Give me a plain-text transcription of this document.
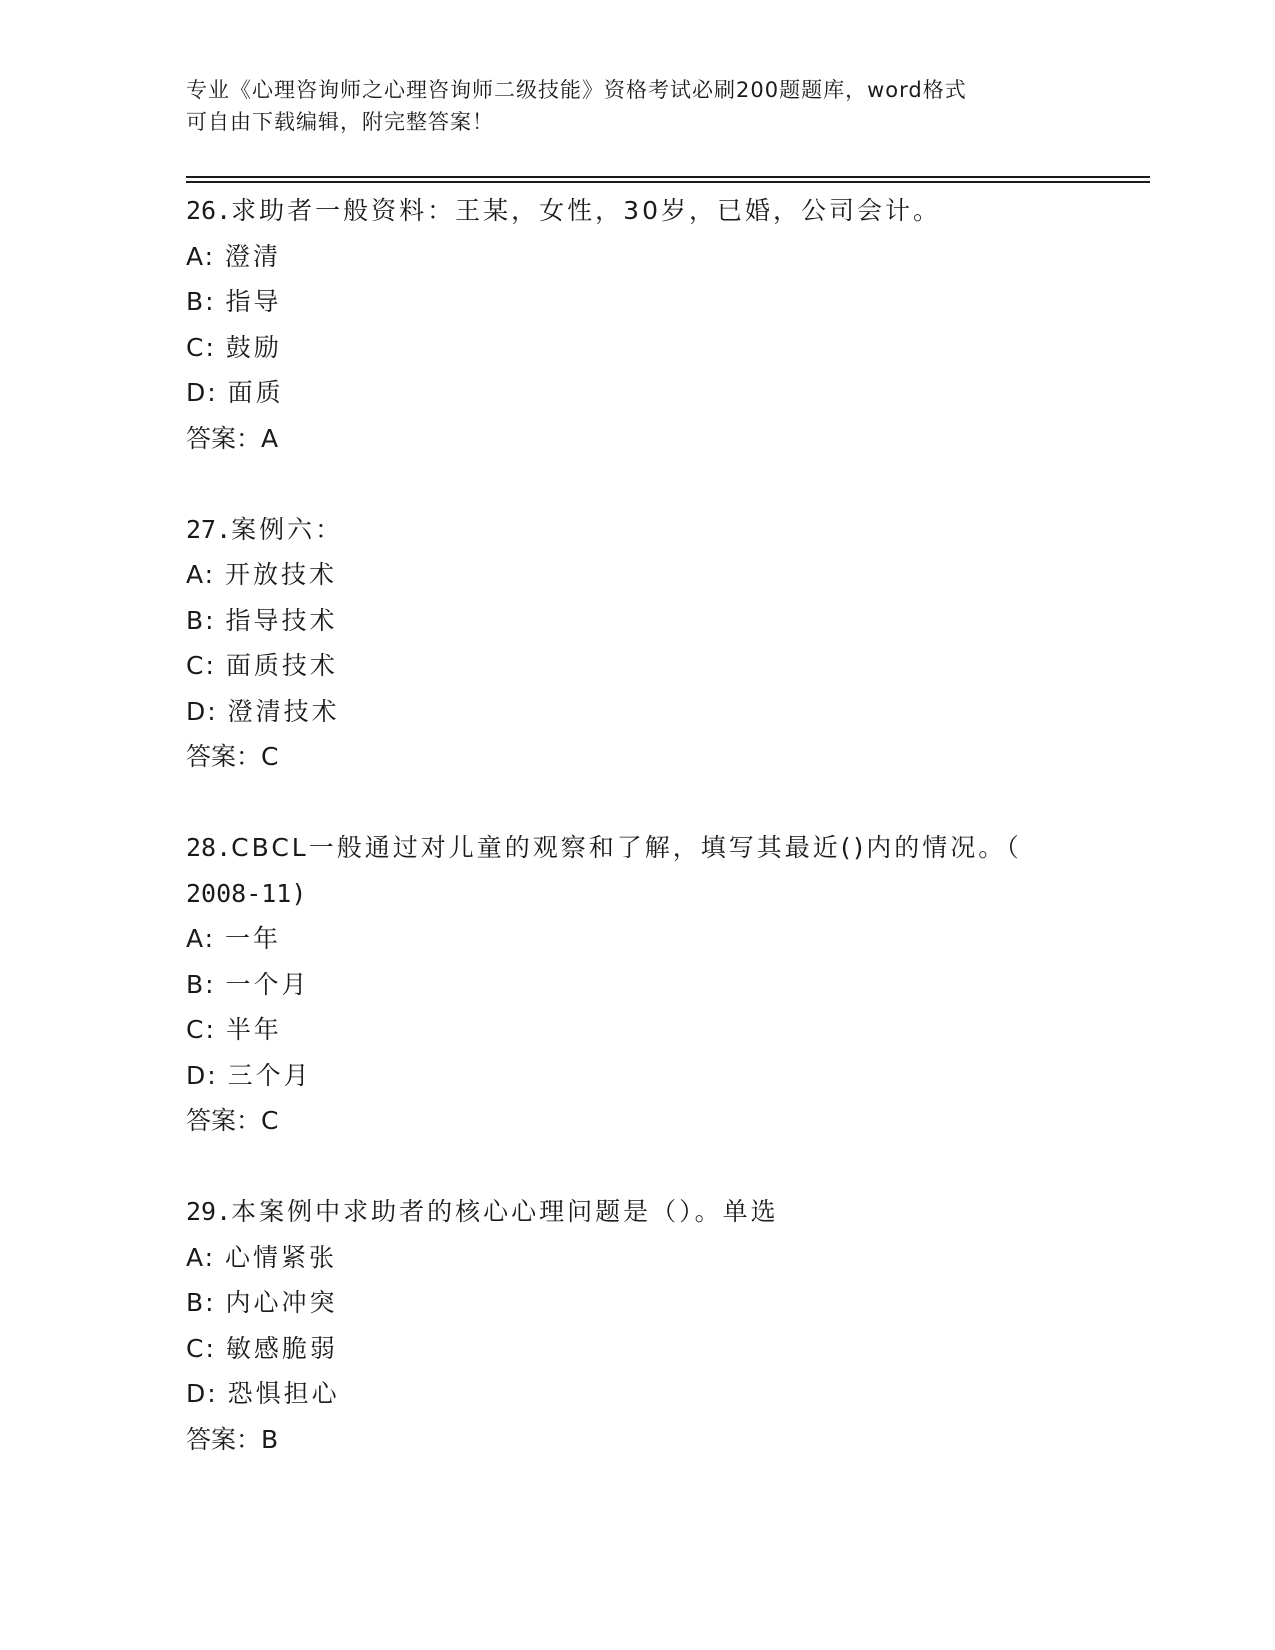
专业《心理咨询师之心理咨询师二级技能》资格考试必刷200题题库，word格式
可自由下载编辑，附完整答案！
26.求助者一般资料：王某，女性，30岁，已婚，公司会计。
A: 澄清
B: 指导
C: 鼓励
D: 面质
答案：A
27.案例六：
A: 开放技术
B: 指导技术
C: 面质技术
D: 澄清技术
答案：C
28.CBCL一般通过对儿童的观察和了解，填写其最近()内的情况。（
2008-11)
A: 一年
B: 一个月
C: 半年
D: 三个月
答案：C
29.本案例中求助者的核心心理问题是（）。单选
A: 心情紧张
B: 内心冲突
C: 敏感脆弱
D: 恐惧担心
答案：B
